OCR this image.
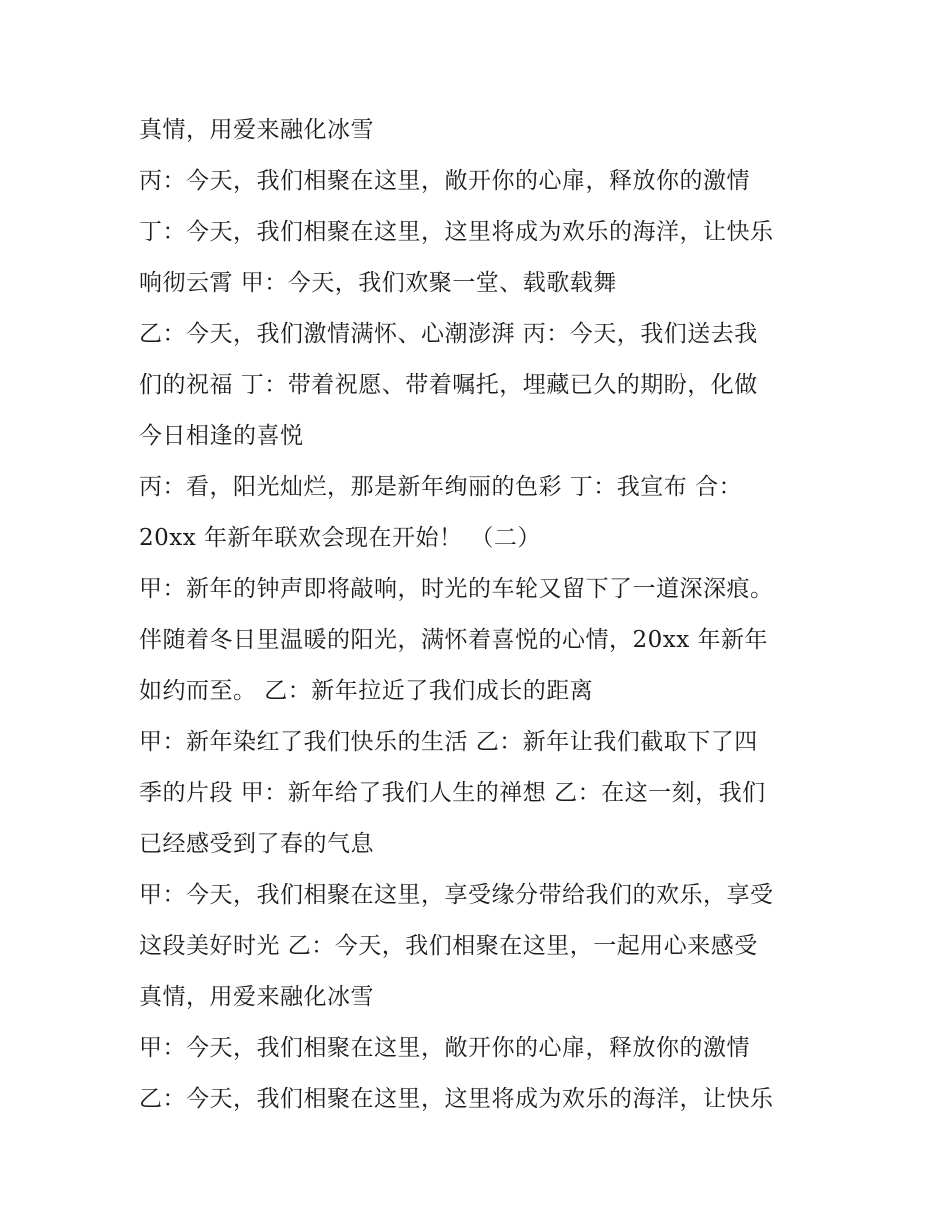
真情，用爱来融化冰雪
丙：今天，我们相聚在这里，敞开你的心扉，释放你的激情
丁：今天，我们相聚在这里，这里将成为欢乐的海洋，让快乐
响彻云霄 甲：今天，我们欢聚一堂、载歌载舞
乙：今天，我们激情满怀、心潮澎湃 丙：今天，我们送去我
们的祝福 丁：带着祝愿、带着嘱托，埋藏已久的期盼，化做
今日相逢的喜悦
丙：看，阳光灿烂，那是新年绚丽的色彩 丁：我宣布 合：
20xx 年新年联欢会现在开始！ （二）
甲：新年的钟声即将敲响，时光的车轮又留下了一道深深痕。
伴随着冬日里温暖的阳光，满怀着喜悦的心情，20xx 年新年
如约而至。 乙：新年拉近了我们成长的距离
甲：新年染红了我们快乐的生活 乙：新年让我们截取下了四
季的片段 甲：新年给了我们人生的禅想 乙：在这一刻，我们
已经感受到了春的气息
甲：今天，我们相聚在这里，享受缘分带给我们的欢乐，享受
这段美好时光 乙：今天，我们相聚在这里，一起用心来感受
真情，用爱来融化冰雪
甲：今天，我们相聚在这里，敞开你的心扉，释放你的激情
乙：今天，我们相聚在这里，这里将成为欢乐的海洋，让快乐
